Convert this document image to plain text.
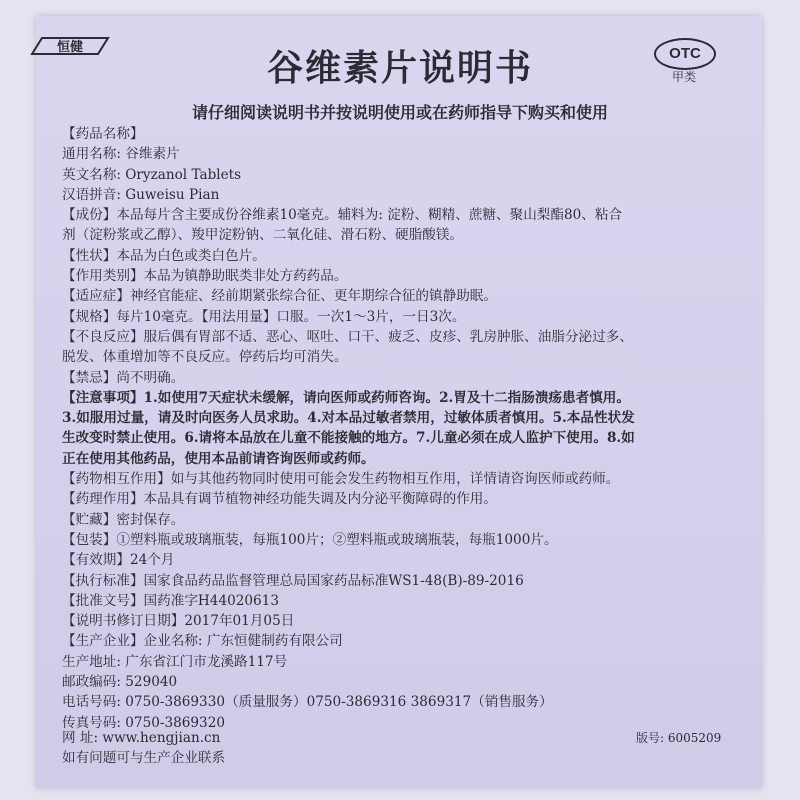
恒健	OTC
甲类
谷维素片说明书
请仔细阅读说明书并按说明使用或在药师指导下购买和使用
【药品名称】
通用名称: 谷维素片
英文名称: Oryzanol Tablets
汉语拼音: Guweisu Pian
【成份】本品每片含主要成份谷维素10毫克。辅料为: 淀粉、糊精、蔗糖、聚山梨酯80、粘合
剂（淀粉浆或乙醇）、羧甲淀粉钠、二氧化硅、滑石粉、硬脂酸镁。
【性状】本品为白色或类白色片。
【作用类别】本品为镇静助眠类非处方药药品。
【适应症】神经官能症、经前期紧张综合征、更年期综合征的镇静助眠。
【规格】每片10毫克。【用法用量】口服。一次1～3片，一日3次。
【不良反应】服后偶有胃部不适、恶心、呕吐、口干、疲乏、皮疹、乳房肿胀、油脂分泌过多、
脱发、体重增加等不良反应。停药后均可消失。
【禁忌】尚不明确。
【注意事项】1.如使用7天症状未缓解，请向医师或药师咨询。2.胃及十二指肠溃疡患者慎用。
3.如服用过量，请及时向医务人员求助。4.对本品过敏者禁用，过敏体质者慎用。5.本品性状发
生改变时禁止使用。6.请将本品放在儿童不能接触的地方。7.儿童必须在成人监护下使用。8.如
正在使用其他药品，使用本品前请咨询医师或药师。
【药物相互作用】如与其他药物同时使用可能会发生药物相互作用，详情请咨询医师或药师。
【药理作用】本品具有调节植物神经功能失调及内分泌平衡障碍的作用。
【贮藏】密封保存。
【包装】①塑料瓶或玻璃瓶装，每瓶100片；②塑料瓶或玻璃瓶装，每瓶1000片。
【有效期】24个月
【执行标准】国家食品药品监督管理总局国家药品标准WS1-48(B)-89-2016
【批准文号】国药准字H44020613
【说明书修订日期】2017年01月05日
【生产企业】企业名称: 广东恒健制药有限公司
生产地址: 广东省江门市龙溪路117号
邮政编码: 529040
电话号码: 0750-3869330（质量服务）0750-3869316 3869317（销售服务）
传真号码: 0750-3869320
网 址: www.hengjian.cn	版号: 6005209
如有问题可与生产企业联系
